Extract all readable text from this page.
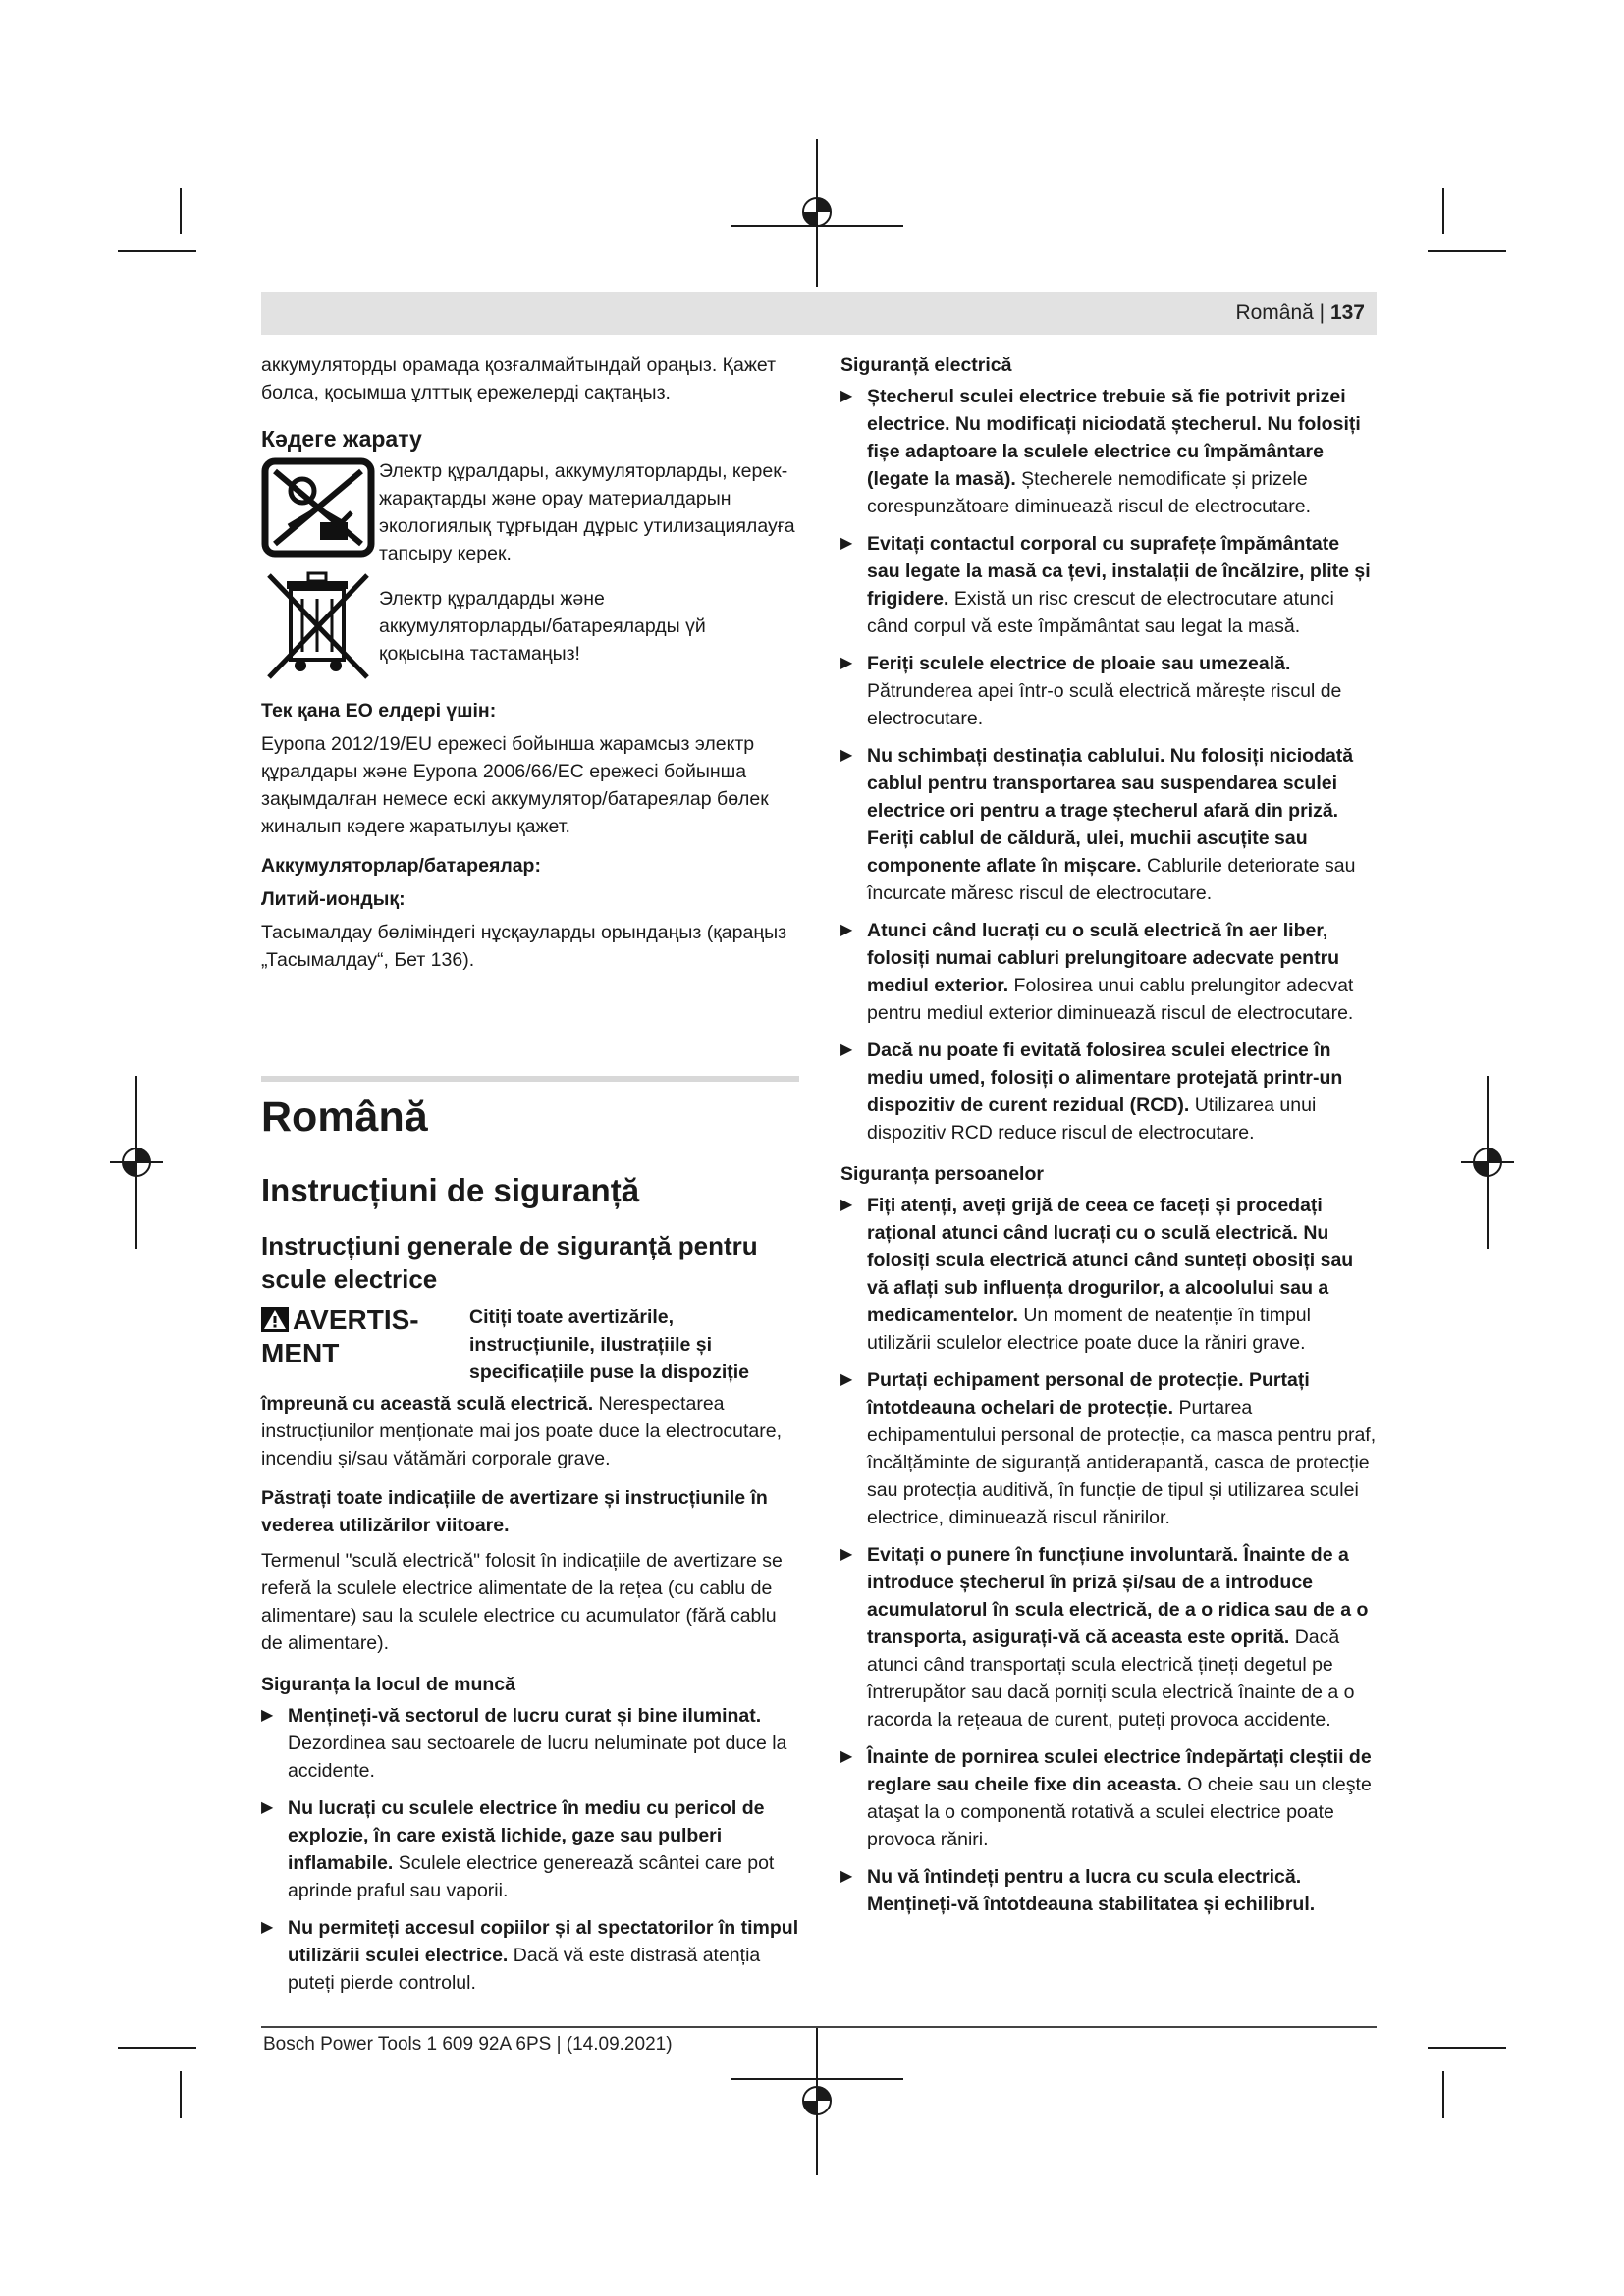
Română | 137

аккумуляторды орамада қозғалмайтындай ораңыз. Қажет болса, қосымша ұлттық ережелерді сақтаңыз.

Кәдеге жарату

Электр құралдары, аккумуляторларды, керек-жарақтарды және орау материалдарын экологиялық тұрғыдан дұрыс утилизациялауға тапсыру керек.

Электр құралдарды және аккумуляторларды/батареяларды үй қоқысына тастамаңыз!

Тек қана ЕО елдері үшін:

Еуропа 2012/19/EU ережесі бойынша жарамсыз электр құралдары және Еуропа 2006/66/EC ережесі бойынша зақымдалған немесе ескі аккумулятор/батареялар бөлек жиналып кәдеге жаратылуы қажет.

Аккумуляторлар/батареялар:

Литий-иондық:

Тасымалдау бөліміндегі нұсқауларды орындаңыз (қараңыз „Тасымалдау“, Бет 136).

Română

Instrucțiuni de siguranță

Instrucțiuni generale de siguranță pentru scule electrice

AVERTIS-MENT

Citiți toate avertizările, instrucțiunile, ilustrațiile și specificațiile puse la dispoziție

împreună cu această sculă electrică. Nerespectarea instrucțiunilor menționate mai jos poate duce la electrocutare, incendiu și/sau vătămări corporale grave.

Păstrați toate indicațiile de avertizare și instrucțiunile în vederea utilizărilor viitoare.

Termenul "sculă electrică" folosit în indicațiile de avertizare se referă la sculele electrice alimentate de la rețea (cu cablu de alimentare) sau la sculele electrice cu acumulator (fără cablu de alimentare).

Siguranța la locul de muncă

▶ Mențineți-vă sectorul de lucru curat și bine iluminat. Dezordinea sau sectoarele de lucru neluminate pot duce la accidente.

▶ Nu lucrați cu sculele electrice în mediu cu pericol de explozie, în care există lichide, gaze sau pulberi inflamabile. Sculele electrice generează scântei care pot aprinde praful sau vaporii.

▶ Nu permiteți accesul copiilor și al spectatorilor în timpul utilizării sculei electrice. Dacă vă este distrasă atenția puteți pierde controlul.

Siguranță electrică

▶ Ștecherul sculei electrice trebuie să fie potrivit prizei electrice. Nu modificați niciodată ștecherul. Nu folosiți fișe adaptoare la sculele electrice cu împământare (legate la masă). Ștecherele nemodificate și prizele corespunzătoare diminuează riscul de electrocutare.

▶ Evitați contactul corporal cu suprafețe împământate sau legate la masă ca țevi, instalații de încălzire, plite și frigidere. Există un risc crescut de electrocutare atunci când corpul vă este împământat sau legat la masă.

▶ Feriți sculele electrice de ploaie sau umezeală. Pătrunderea apei într-o sculă electrică mărește riscul de electrocutare.

▶ Nu schimbați destinația cablului. Nu folosiți niciodată cablul pentru transportarea sau suspendarea sculei electrice ori pentru a trage ștecherul afară din priză. Feriți cablul de căldură, ulei, muchii ascuțite sau componente aflate în mișcare. Cablurile deteriorate sau încurcate măresc riscul de electrocutare.

▶ Atunci când lucrați cu o sculă electrică în aer liber, folosiți numai cabluri prelungitoare adecvate pentru mediul exterior. Folosirea unui cablu prelungitor adecvat pentru mediul exterior diminuează riscul de electrocutare.

▶ Dacă nu poate fi evitată folosirea sculei electrice în mediu umed, folosiți o alimentare protejată printr-un dispozitiv de curent rezidual (RCD). Utilizarea unui dispozitiv RCD reduce riscul de electrocutare.

Siguranța persoanelor

▶ Fiți atenți, aveți grijă de ceea ce faceți și procedați rațional atunci când lucrați cu o sculă electrică. Nu folosiți scula electrică atunci când sunteți obosiți sau vă aflați sub influența drogurilor, a alcoolului sau a medicamentelor. Un moment de neatenție în timpul utilizării sculelor electrice poate duce la răniri grave.

▶ Purtați echipament personal de protecție. Purtați întotdeauna ochelari de protecție. Purtarea echipamentului personal de protecție, ca masca pentru praf, încălțăminte de siguranță antiderapantă, casca de protecție sau protecția auditivă, în funcție de tipul și utilizarea sculei electrice, diminuează riscul rănirilor.

▶ Evitați o punere în funcțiune involuntară. Înainte de a introduce ștecherul în priză și/sau de a introduce acumulatorul în scula electrică, de a o ridica sau de a o transporta, asigurați-vă că aceasta este oprită. Dacă atunci când transportați scula electrică țineți degetul pe întrerupător sau dacă porniți scula electrică înainte de a o racorda la rețeaua de curent, puteți provoca accidente.

▶ Înainte de pornirea sculei electrice îndepărtați cleștii de reglare sau cheile fixe din aceasta. O cheie sau un cleşte ataşat la o componentă rotativă a sculei electrice poate provoca răniri.

▶ Nu vă întindeți pentru a lucra cu scula electrică. Mențineți-vă întotdeauna stabilitatea și echilibrul.

Bosch Power Tools 1 609 92A 6PS | (14.09.2021)
